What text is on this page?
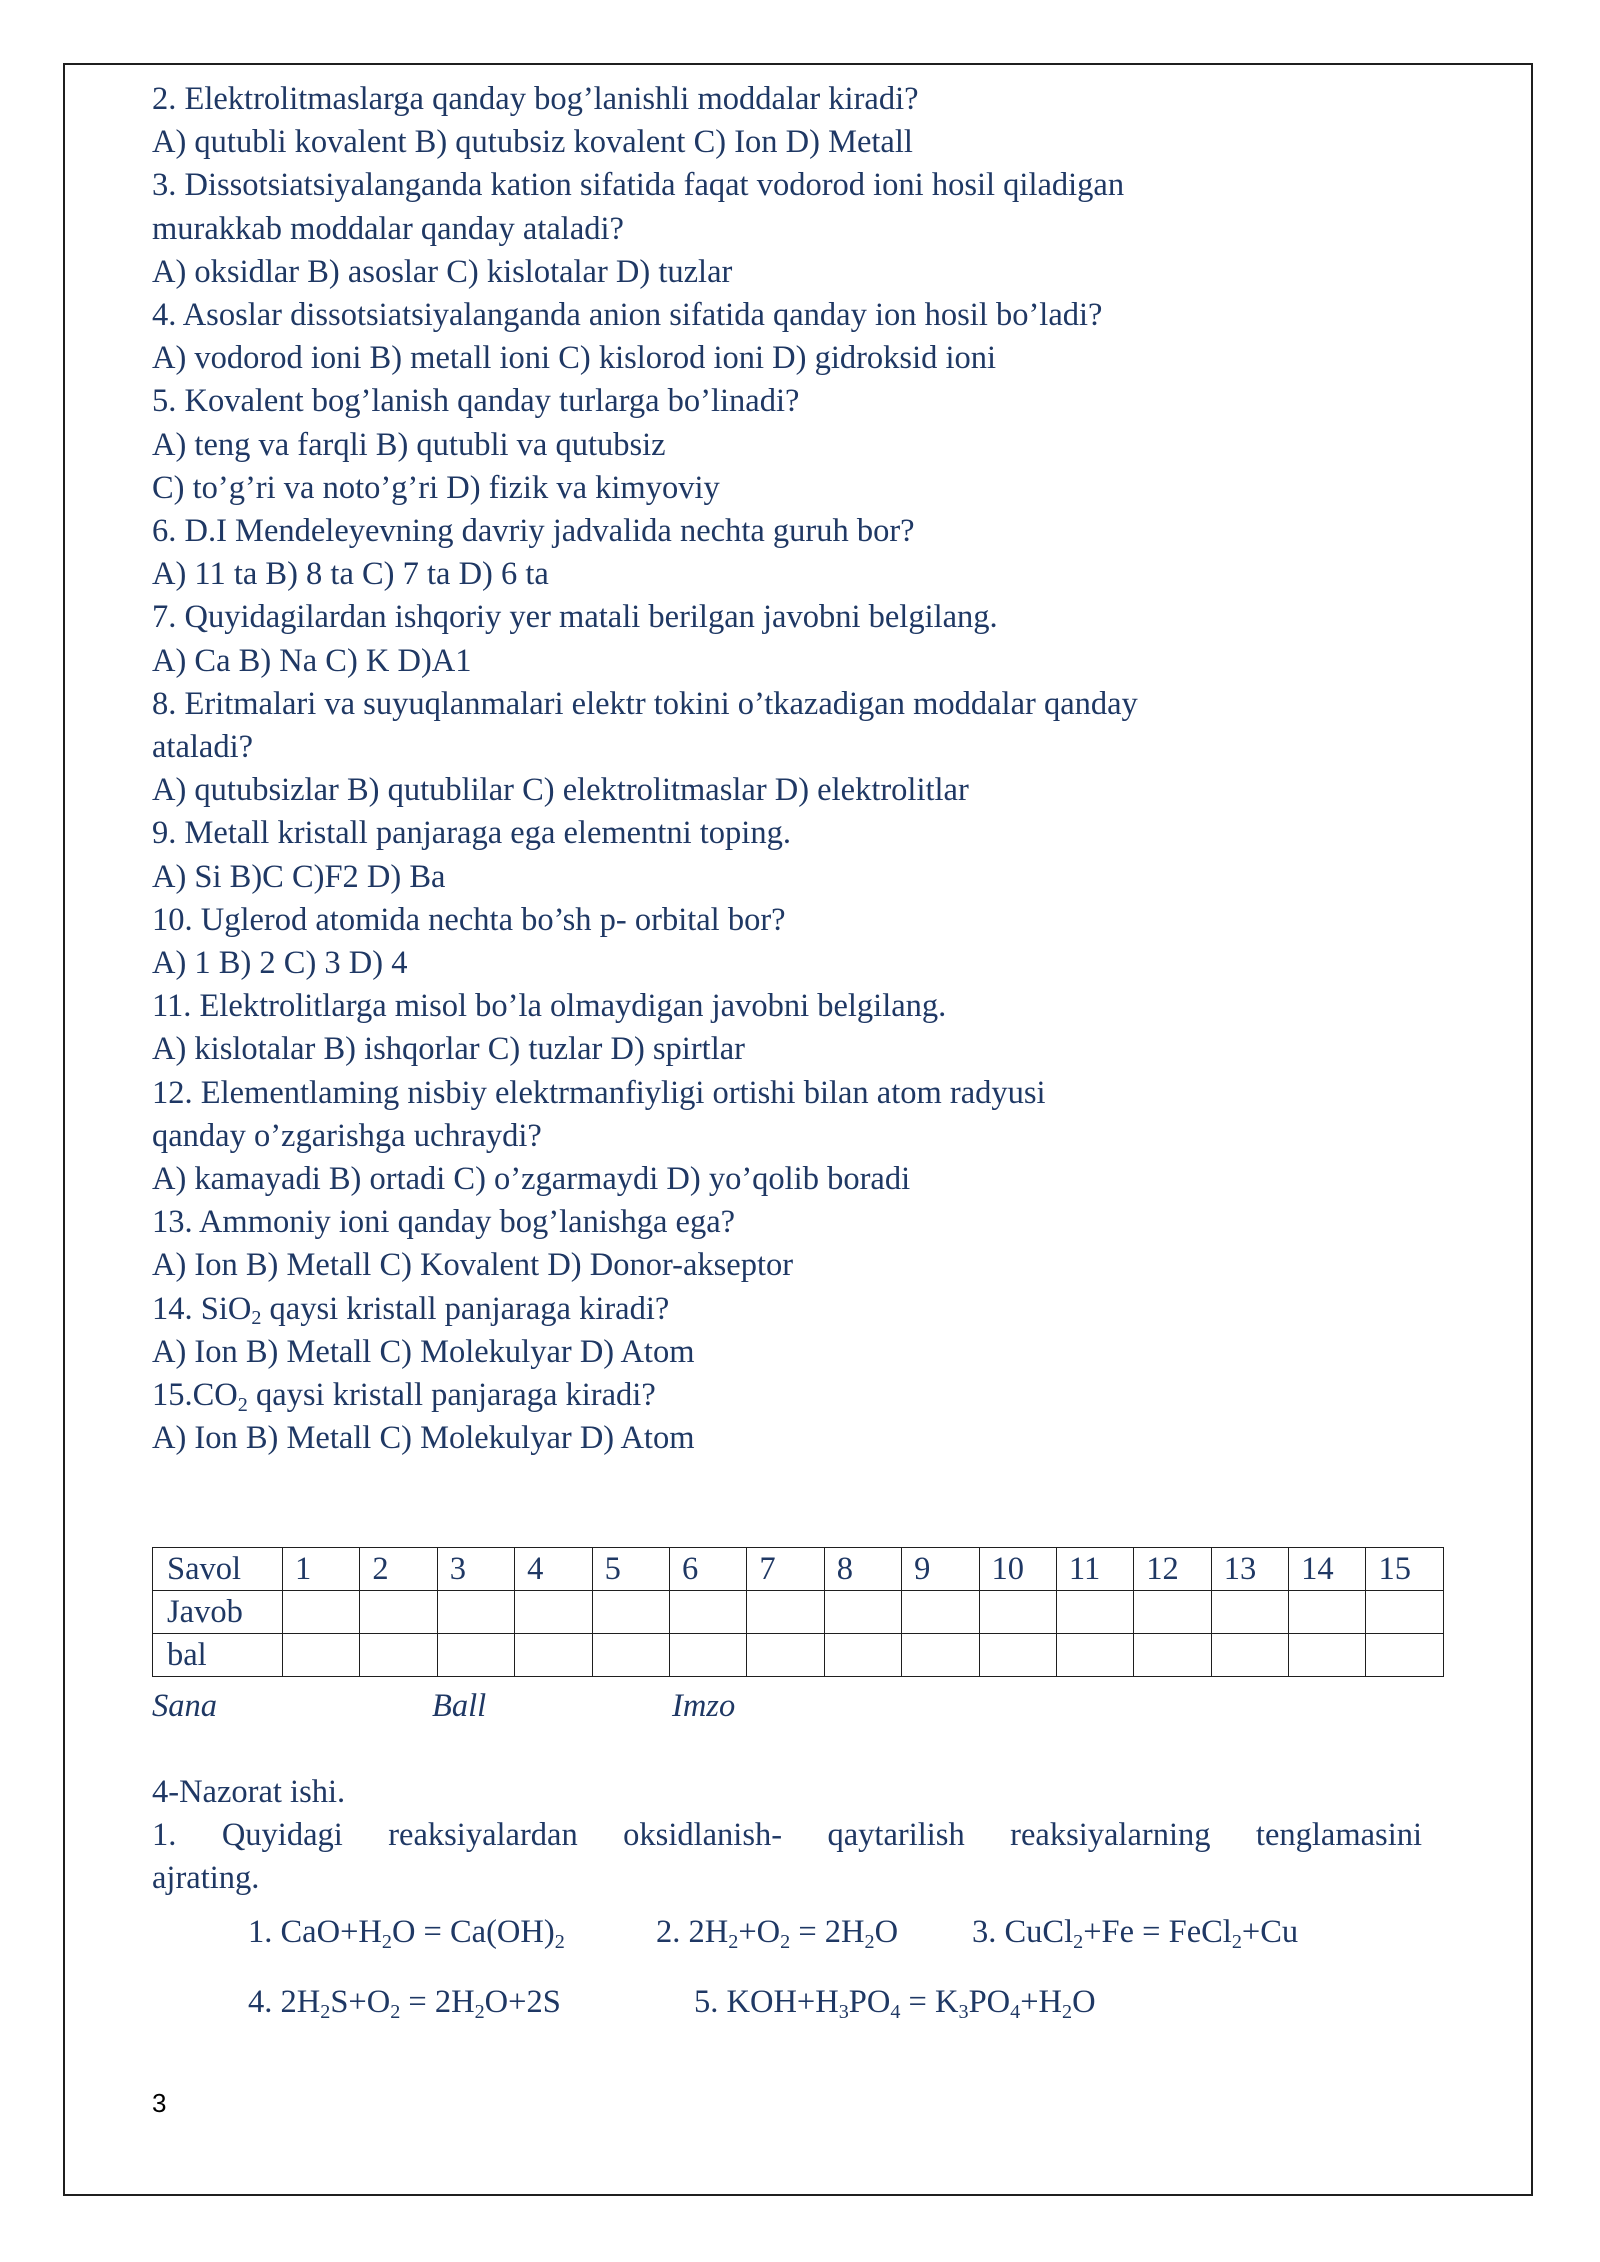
2. Elektrolitmaslarga qanday bog’lanishli moddalar kiradi?

A) qutubli kovalent B) qutubsiz kovalent C) Ion D) Metall

3. Dissotsiatsiyalanganda kation sifatida faqat vodorod ioni hosil qiladigan

murakkab moddalar qanday ataladi?

A) oksidlar B) asoslar C) kislotalar D) tuzlar

4. Asoslar dissotsiatsiyalanganda anion sifatida qanday ion hosil bo’ladi?

A) vodorod ioni B) metall ioni C) kislorod ioni D) gidroksid ioni

5. Kovalent bog’lanish qanday turlarga bo’linadi?

A) teng va farqli B) qutubli va qutubsiz

C) to’g’ri va noto’g’ri D) fizik va kimyoviy

6. D.I Mendeleyevning davriy jadvalida nechta guruh bor?

A) 11 ta B) 8 ta C) 7 ta D) 6 ta

7. Quyidagilardan ishqoriy yer matali berilgan javobni belgilang.

A) Ca B) Na C) K D)A1

8. Eritmalari va suyuqlanmalari elektr tokini o’tkazadigan moddalar qanday

ataladi?

A) qutubsizlar B) qutublilar C) elektrolitmaslar D) elektrolitlar

9. Metall kristall panjaraga ega elementni toping.

A) Si B)C C)F2 D) Ba

10. Uglerod atomida nechta bo’sh p- orbital bor?

A) 1 B) 2 C) 3 D) 4

11. Elektrolitlarga misol bo’la olmaydigan javobni belgilang.

A) kislotalar B) ishqorlar C) tuzlar D) spirtlar

12. Elementlaming nisbiy elektrmanfiyligi ortishi bilan atom radyusi

qanday o’zgarishga uchraydi?

A) kamayadi B) ortadi C) o’zgarmaydi D) yo’qolib boradi

13. Ammoniy ioni qanday bog’lanishga ega?

A) Ion B) Metall C) Kovalent D) Donor-akseptor

14. SiO2 qaysi kristall panjaraga kiradi?

A) Ion B) Metall C) Molekulyar D) Atom

15.CO2 qaysi kristall panjaraga kiradi?

A) Ion B) Metall C) Molekulyar D) Atom

Savol	1	2	3	4	5	6	7	8	9	10	11	12	13	14	15
Javob															
bal															
Sana	Ball	Imzo

4-Nazorat ishi.

1. Quyidagi reaksiyalardan oksidlanish- qaytarilish reaksiyalarning tenglamasini

ajrating.

1. CaO+H2O = Ca(OH)2	2. 2H2+O2 = 2H2O 3. CuCl2+Fe = FeCl2+Cu
4. 2H2S+O2 = 2H2O+2S	5. KOH+H3PO4 = K3PO4+H2O
3
